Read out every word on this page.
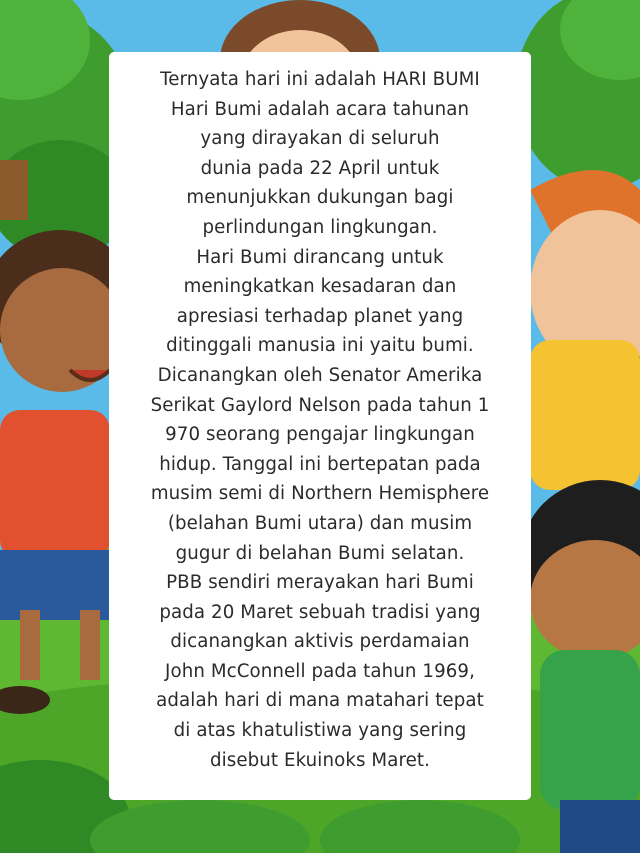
Ternyata hari ini adalah HARI BUMI
Hari Bumi adalah acara tahunan
yang dirayakan di seluruh
dunia pada 22 April untuk
menunjukkan dukungan bagi
perlindungan lingkungan.
Hari Bumi dirancang untuk
meningkatkan kesadaran dan
apresiasi terhadap planet yang
ditinggali manusia ini yaitu bumi.
Dicanangkan oleh Senator Amerika
Serikat Gaylord Nelson pada tahun 1
970 seorang pengajar lingkungan
hidup. Tanggal ini bertepatan pada
musim semi di Northern Hemisphere
(belahan Bumi utara) dan musim
gugur di belahan Bumi selatan.
PBB sendiri merayakan hari Bumi
pada 20 Maret sebuah tradisi yang
dicanangkan aktivis perdamaian
John McConnell pada tahun 1969,
adalah hari di mana matahari tepat
di atas khatulistiwa yang sering
disebut Ekuinoks Maret.
